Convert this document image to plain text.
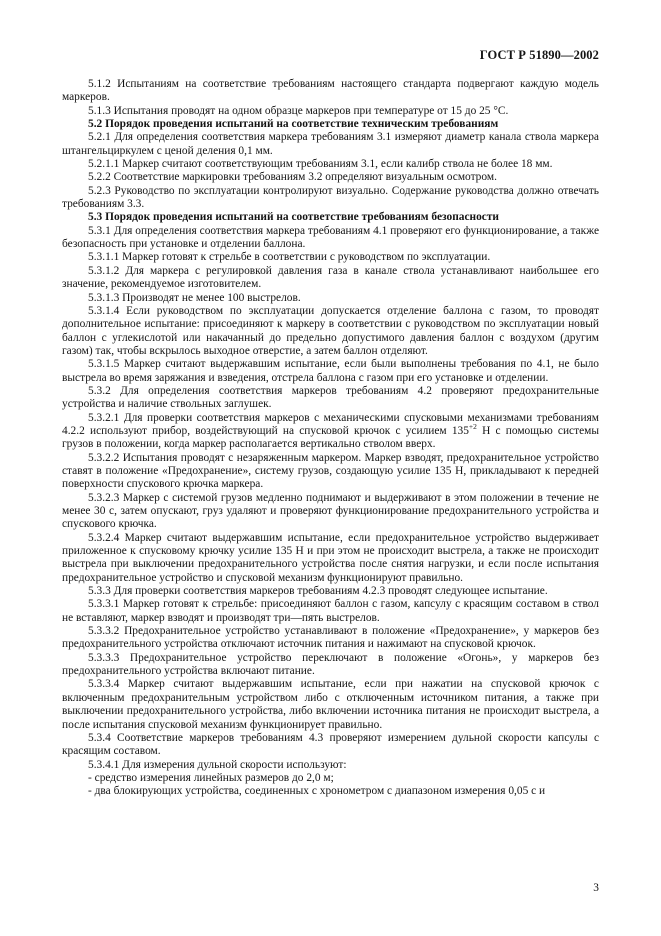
ГОСТ Р 51890—2002

5.1.2 Испытаниям на соответствие требованиям настоящего стандарта подвергают каждую модель маркеров.

5.1.3 Испытания проводят на одном образце маркеров при температуре от 15 до 25 °С.

5.2 Порядок проведения испытаний на соответствие техническим требованиям

5.2.1 Для определения соответствия маркера требованиям 3.1 измеряют диаметр канала ствола маркера штангельциркулем с ценой деления 0,1 мм.

5.2.1.1 Маркер считают соответствующим требованиям 3.1, если калибр ствола не более 18 мм.

5.2.2 Соответствие маркировки требованиям 3.2 определяют визуальным осмотром.

5.2.3 Руководство по эксплуатации контролируют визуально. Содержание руководства должно отвечать требованиям 3.3.

5.3 Порядок проведения испытаний на соответствие требованиям безопасности

5.3.1 Для определения соответствия маркера требованиям 4.1 проверяют его функционирование, а также безопасность при установке и отделении баллона.

5.3.1.1 Маркер готовят к стрельбе в соответствии с руководством по эксплуатации.

5.3.1.2 Для маркера с регулировкой давления газа в канале ствола устанавливают наибольшее его значение, рекомендуемое изготовителем.

5.3.1.3 Производят не менее 100 выстрелов.

5.3.1.4 Если руководством по эксплуатации допускается отделение баллона с газом, то проводят дополнительное испытание: присоединяют к маркеру в соответствии с руководством по эксплуатации новый баллон с углекислотой или накачанный до предельно допустимого давления баллон с воздухом (другим газом) так, чтобы вскрылось выходное отверстие, а затем баллон отделяют.

5.3.1.5 Маркер считают выдержавшим испытание, если были выполнены требования по 4.1, не было выстрела во время заряжания и взведения, отстрела баллона с газом при его установке и отделении.

5.3.2 Для определения соответствия маркеров требованиям 4.2 проверяют предохранительные устройства и наличие ствольных заглушек.

5.3.2.1 Для проверки соответствия маркеров с механическими спусковыми механизмами требованиям 4.2.2 используют прибор, воздействующий на спусковой крючок с усилием $135^{+2}$ Н с помощью системы грузов в положении, когда маркер располагается вертикально стволом вверх.

5.3.2.2 Испытания проводят с незаряженным маркером. Маркер взводят, предохранительное устройство ставят в положение «Предохранение», систему грузов, создающую усилие 135 Н, прикладывают к передней поверхности спускового крючка маркера.

5.3.2.3 Маркер с системой грузов медленно поднимают и выдерживают в этом положении в течение не менее 30 с, затем опускают, груз удаляют и проверяют функционирование предохранительного устройства и спускового крючка.

5.3.2.4 Маркер считают выдержавшим испытание, если предохранительное устройство выдерживает приложенное к спусковому крючку усилие 135 Н и при этом не происходит выстрела, а также не происходит выстрела при выключении предохранительного устройства после снятия нагрузки, и если после испытания предохранительное устройство и спусковой механизм функционируют правильно.

5.3.3 Для проверки соответствия маркеров требованиям 4.2.3 проводят следующее испытание.

5.3.3.1 Маркер готовят к стрельбе: присоединяют баллон с газом, капсулу с красящим составом в ствол не вставляют, маркер взводят и производят три—пять выстрелов.

5.3.3.2 Предохранительное устройство устанавливают в положение «Предохранение», у маркеров без предохранительного устройства отключают источник питания и нажимают на спусковой крючок.

5.3.3.3 Предохранительное устройство переключают в положение «Огонь», у маркеров без предохранительного устройства включают питание.

5.3.3.4 Маркер считают выдержавшим испытание, если при нажатии на спусковой крючок с включенным предохранительным устройством либо с отключенным источником питания, а также при выключении предохранительного устройства, либо включении источника питания не происходит выстрела, а после испытания спусковой механизм функционирует правильно.

5.3.4 Соответствие маркеров требованиям 4.3 проверяют измерением дульной скорости капсулы с красящим составом.

5.3.4.1 Для измерения дульной скорости используют:

- средство измерения линейных размеров до 2,0 м;

- два блокирующих устройства, соединенных с хронометром с диапазоном измерения 0,05 с и

3
